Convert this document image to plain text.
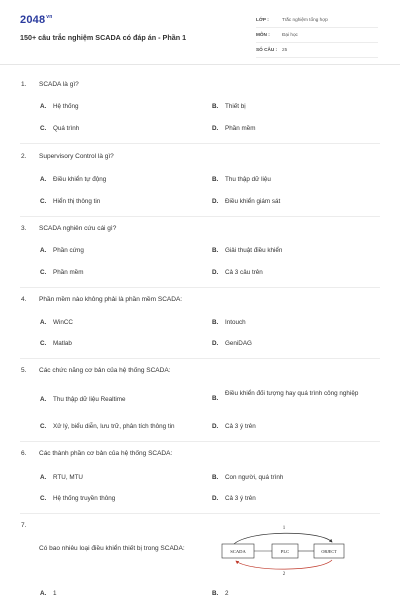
$2048^{vn}$
150+ câu trắc nghiệm SCADA có đáp án - Phần 1
LỚP :	Trắc nghiệm tổng hợp
MÔN :	Đại học
SỐ CÂU : 25
1. SCADA là gì?
A. Hệ thống	B. Thiết bị
C. Quá trình	D. Phần mềm
2. Supervisory Control là gì?
A. Điều khiển tự động	B. Thu thập dữ liệu
C. Hiển thị thông tin	D. Điều khiển giám sát
3. SCADA nghiên cứu cái gì?
A. Phần cứng	B. Giải thuật điều khiển
C. Phần mềm	D. Cả 3 câu trên
4. Phần mềm nào không phải là phần mềm SCADA:
A. WinCC	B. Intouch
C. Matlab	D. GeniDAG
5. Các chức năng cơ bản của hệ thống SCADA:
A. Thu thập dữ liệu Realtime	B.
Điều khiển đối tượng hay quá trình công nghiệp
C. Xử lý, biểu diễn, lưu trữ, phân tích thông tin	D. Cả 3 ý trên
6. Các thành phần cơ bản của hệ thống SCADA:
A. RTU, MTU	B. Con người, quá trình
C. Hệ thống truyền thông	D. Cả 3 ý trên
7.
Có bao nhiêu loại điều khiển thiết bị trong SCADA:
A. 1	B. 2
1
SCADA	PLC	OBJECT
2
